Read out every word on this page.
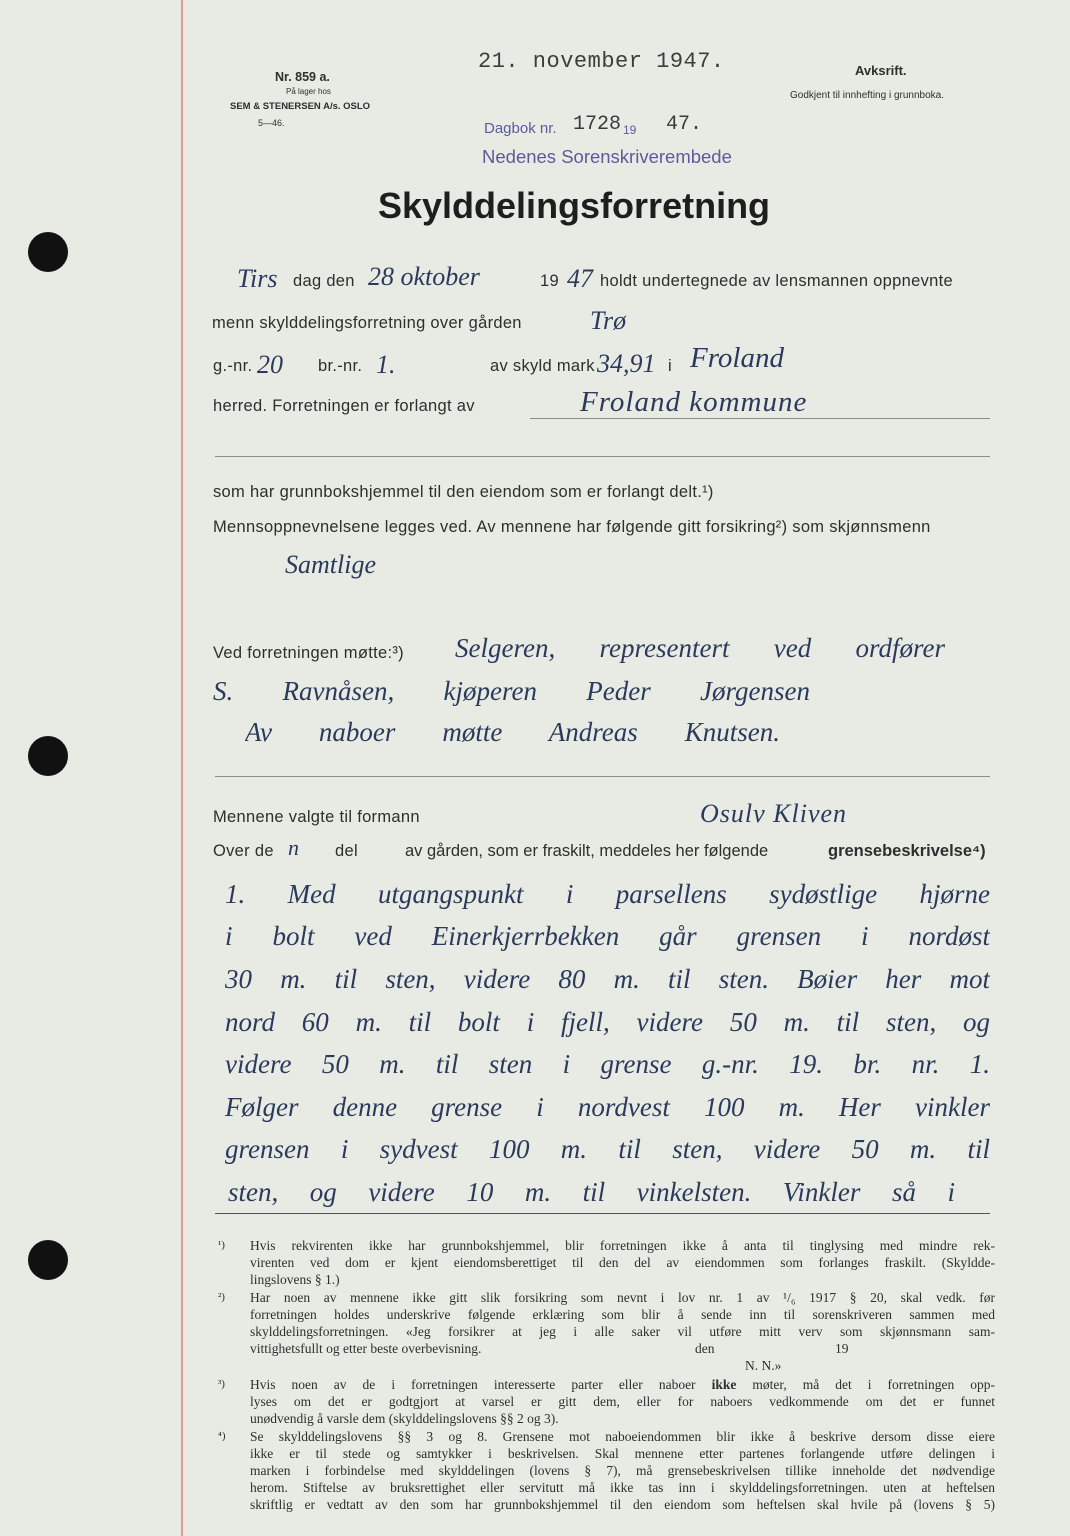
Nr. 859 a.
På lager hos
SEM & STENERSEN A/s. OSLO
5—46.
21. november 1947.	Avksrift.
Godkjent til innhefting i grunnboka.
Dagbok nr. 1728 19 47.
Nedenes Sorenskriverembede
Skylddelingsforretning
Tirs dag den 28 oktober	19 47 holdt undertegnede av lensmannen oppnevnte
menn skylddelingsforretning over gården	Trø
g.-nr. 20 br.-nr. 1.	av skyld mark 34,91 i Froland
herred. Forretningen er forlangt av	Froland kommune
som har grunnbokshjemmel til den eiendom som er forlangt delt.¹)
Mennsoppnevnelsene legges ved. Av mennene har følgende gitt forsikring²) som skjønnsmenn
Samtlige
Ved forretningen møtte:³) Selgeren, representert ved ordfører
S. Ravnåsen, kjøperen Peder Jørgensen
Av naboer møtte Andreas Knutsen.
Mennene valgte til formann	Osulv Kliven
Over de n del	av gården, som er fraskilt, meddeles her følgende	grensebeskrivelse⁴)
1. Med utgangspunkt i parsellens sydøstlige hjørne
i bolt ved Einerkjerrbekken går grensen i nordøst
30 m. til sten, videre 80 m. til sten. Bøier her mot
nord 60 m. til bolt i fjell, videre 50 m. til sten, og
videre 50 m. til sten i grense g.-nr. 19. br. nr. 1.
Følger denne grense i nordvest 100 m. Her vinkler
grensen i sydvest 100 m. til sten, videre 50 m. til
sten, og videre 10 m. til vinkelsten. Vinkler så i
¹) Hvis rekvirenten ikke har grunnbokshjemmel, blir forretningen ikke å anta til tinglysing med mindre rek-
virenten ved dom er kjent eiendomsberettiget til den del av eiendommen som forlanges fraskilt. (Skyldde-
lingslovens § 1.)
²) Har noen av mennene ikke gitt slik forsikring som nevnt i lov nr. 1 av ¹/₆ 1917 § 20, skal vedk. før
forretningen holdes underskrive følgende erklæring som blir å sende inn til sorenskriveren sammen med
skylddelingsforretningen. «Jeg forsikrer at jeg i alle saker vil utføre mitt verv som skjønnsmann sam-
vittighetsfullt og etter beste overbevisning.	den	19
N. N.»
³) Hvis noen av de i forretningen interesserte parter eller naboer ikke møter, må det i forretningen opp-
lyses om det er godtgjort at varsel er gitt dem, eller for naboers vedkommende om det er funnet
unødvendig å varsle dem (skylddelingslovens §§ 2 og 3).
⁴) Se skylddelingslovens §§ 3 og 8. Grensene mot naboeiendommen blir ikke å beskrive dersom disse eiere
ikke er til stede og samtykker i beskrivelsen. Skal mennene etter partenes forlangende utføre delingen i
marken i forbindelse med skylddelingen (lovens § 7), må grensebeskrivelsen tillike inneholde det nødvendige
herom. Stiftelse av bruksrettighet eller servitutt må ikke tas inn i skylddelingsforretningen. uten at heftelsen
skriftlig er vedtatt av den som har grunnbokshjemmel til den eiendom som heftelsen skal hvile på (lovens § 5)
